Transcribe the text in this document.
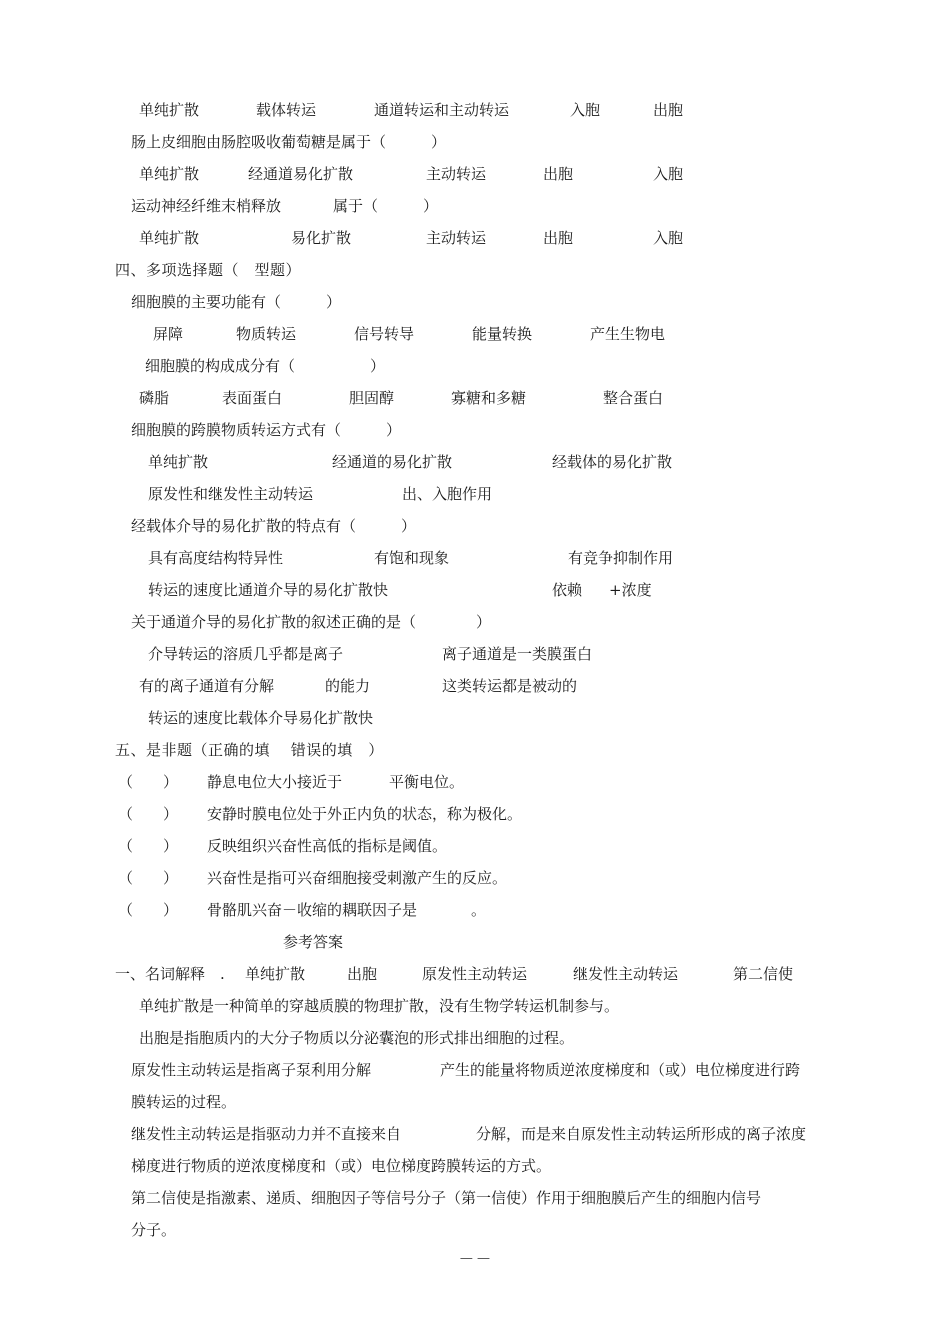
单纯扩散	载体转运	通道转运和主动转运	入胞	出胞
肠上皮细胞由肠腔吸收葡萄糖是属于（　　　）
单纯扩散	经通道易化扩散	主动转运	出胞	入胞
运动神经纤维末梢释放	属于（　　　）
单纯扩散	易化扩散	主动转运	出胞	入胞
四、多项选择题（　型题）
细胞膜的主要功能有（　　　）
屏障	物质转运	信号转导	能量转换	产生生物电
细胞膜的构成成分有（　　　　　）
磷脂	表面蛋白	胆固醇	寡糖和多糖	整合蛋白
细胞膜的跨膜物质转运方式有（　　　）
单纯扩散	经通道的易化扩散	经载体的易化扩散
原发性和继发性主动转运	出、入胞作用
经载体介导的易化扩散的特点有（　　　）
具有高度结构特异性	有饱和现象	有竞争抑制作用
转运的速度比通道介导的易化扩散快	依赖 +浓度
关于通道介导的易化扩散的叙述正确的是（　　　　）
介导转运的溶质几乎都是离子	离子通道是一类膜蛋白
有的离子通道有分解	的能力	这类转运都是被动的
转运的速度比载体介导易化扩散快
五、是非题（正确的填　 错误的填　）
（　　） 静息电位大小接近于	平衡电位。
（　　） 安静时膜电位处于外正内负的状态，称为极化。
（　　） 反映组织兴奋性高低的指标是阈值。
（　　） 兴奋性是指可兴奋细胞接受刺激产生的反应。
（　　） 骨骼肌兴奋－收缩的耦联因子是	。
参考答案
一、名词解释　. 单纯扩散	出胞	原发性主动转运	继发性主动转运	第二信使
单纯扩散是一种简单的穿越质膜的物理扩散，没有生物学转运机制参与。
出胞是指胞质内的大分子物质以分泌囊泡的形式排出细胞的过程。
原发性主动转运是指离子泵利用分解	产生的能量将物质逆浓度梯度和（或）电位梯度进行跨
膜转运的过程。
继发性主动转运是指驱动力并不直接来自	分解，而是来自原发性主动转运所形成的离子浓度
梯度进行物质的逆浓度梯度和（或）电位梯度跨膜转运的方式。
第二信使是指激素、递质、细胞因子等信号分子（第一信使）作用于细胞膜后产生的细胞内信号
分子。
— —
